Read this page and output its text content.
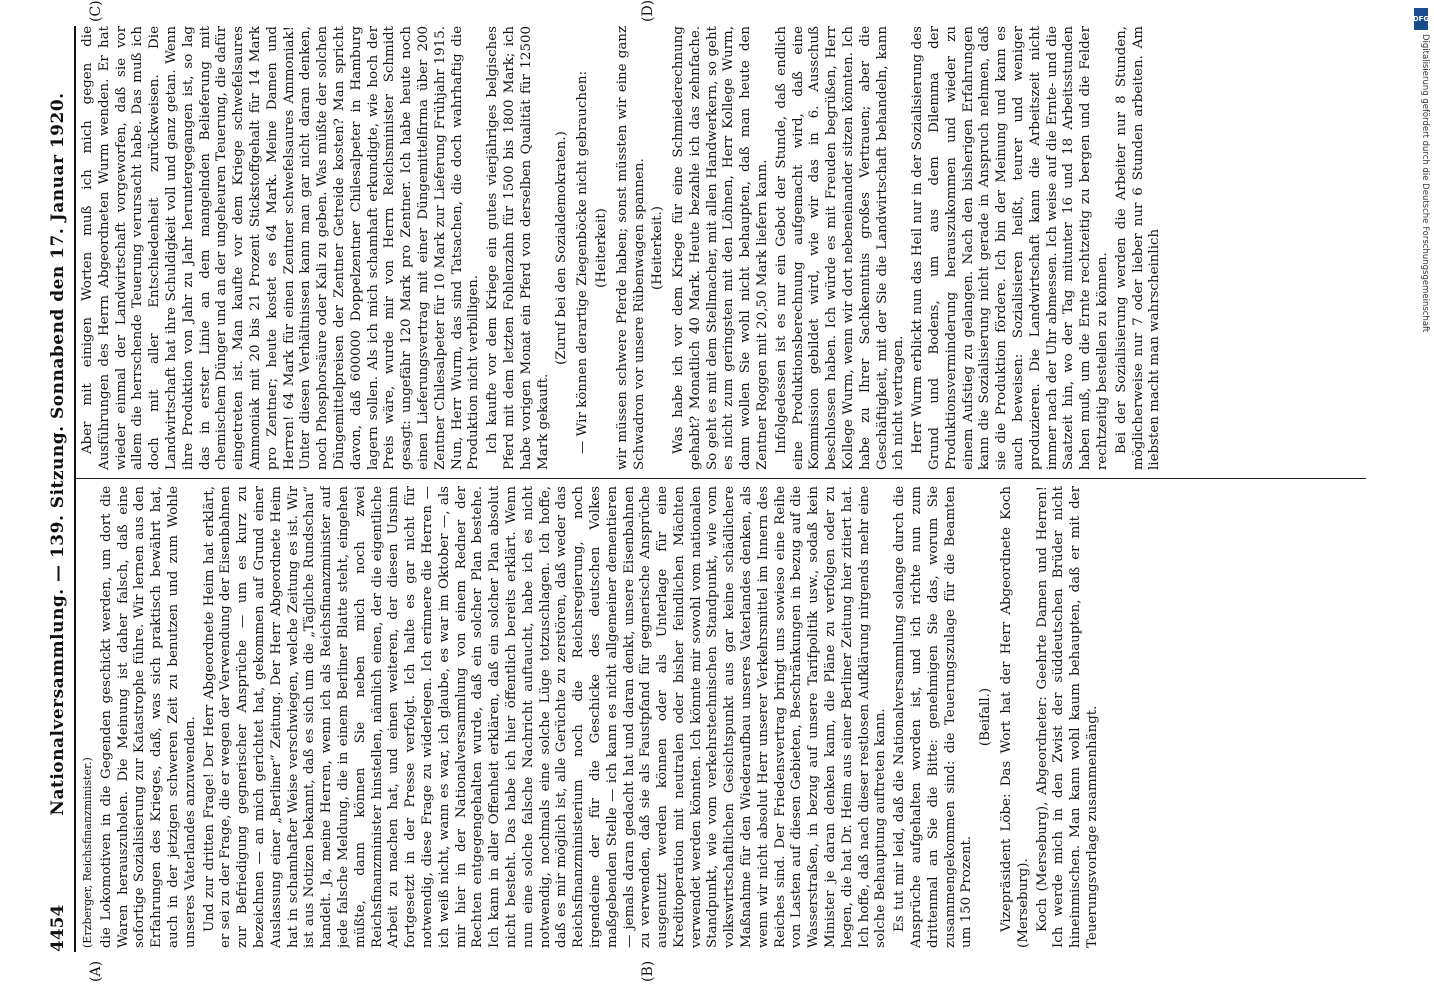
4454
Nationalversammlung. — 139. Sitzung. Sonnabend den 17. Januar 1920.
(A)	(B)
(C)	(D)

(Erzberger, Reichsfinanzminister.) die Lokomotiven in die Gegenden geschickt werden, um dort die Waren herauszuholen. Die Meinung ist daher falsch, daß eine sofortige Sozialisierung zur Katastrophe führe. Wir lernen aus den Erfahrungen des Krieges, daß, was sich praktisch bewährt hat, auch in der jetzigen schweren Zeit zu benutzen und zum Wohle unseres Vaterlandes anzuwenden. Und zur dritten Frage! Der Herr Abgeordnete Heim hat erklärt, er sei zu der Frage, die er wegen der Verwendung der Eisenbahnen zur Befriedigung gegnerischer Ansprüche — um es kurz zu bezeichnen — an mich gerichtet hat, gekommen auf Grund einer Auslassung einer „Berliner“ Zeitung. Der Herr Abgeordnete Heim hat in schamhafter Weise verschwiegen, welche Zeitung es ist. Wir ist aus Notizen bekannt, daß es sich um die „Tägliche Rundschau“ handelt. Ja, meine Herren, wenn ich als Reichsfinanzminister auf jede falsche Meldung, die in einem Berliner Blatte steht, eingehen müßte, dann können Sie neben mich noch zwei Reichsfinanzminister hinstellen, nämlich einen, der die eigentliche Arbeit zu machen hat, und einen weiteren, der diesen Unsinn fortgesetzt in der Presse verfolgt. Ich halte es gar nicht für notwendig, diese Frage zu widerlegen. Ich erinnere die Herren — ich weiß nicht, wann es war, ich glaube, es war im Oktober —, als mir hier in der Nationalversammlung von einem Redner der Rechten entgegengehalten wurde, daß ein solcher Plan bestehe. Ich kann in aller Offenheit erklären, daß ein solcher Plan absolut nicht besteht. Das habe ich hier öffentlich bereits erklärt. Wenn nun eine solche falsche Nachricht auftaucht, habe ich es nicht notwendig, nochmals eine solche Lüge totzuschlagen. Ich hoffe, daß es mir möglich ist, alle Gerüchte zu zerstören, daß weder das Reichsfinanzministerium noch die Reichsregierung, noch irgendeine der für die Geschicke des deutschen Volkes maßgebenden Stelle — ich kann es nicht allgemeiner dementieren — jemals daran gedacht hat und daran denkt, unsere Eisenbahnen zu verwenden, daß sie als Faustpfand für gegnerische Ansprüche ausgenutzt werden können oder als Unterlage für eine Kreditoperation mit neutralen oder bisher feindlichen Mächten verwendet werden könnten. Ich könnte mir sowohl vom nationalen Standpunkt, wie vom verkehrstechnischen Standpunkt, wie vom volkswirtschaftlichen Gesichtspunkt aus gar keine schädlichere Maßnahme für den Wiederaufbau unseres Vaterlandes denken, als wenn wir nicht absolut Herr unserer Verkehrsmittel im Innern des Reiches sind. Der Friedensvertrag bringt uns sowieso eine Reihe von Lasten auf diesen Gebieten, Beschränkungen in bezug auf die Wasserstraßen, in bezug auf unsere Tarifpolitik usw., sodaß kein Minister je daran denken kann, die Pläne zu verfolgen oder zu hegen, die hat Dr. Heim aus einer Berliner Zeitung hier zitiert hat. Ich hoffe, daß nach dieser restlosen Aufklärung nirgends mehr eine solche Behauptung auftreten kann. Es tut mir leid, daß die Nationalversammlung solange durch die Ansprüche aufgehalten worden ist, und ich richte nun zum drittenmal an Sie die Bitte: genehmigen Sie das, worum Sie zusammengekommen sind: die Teuerungszulage für die Beamten um 150 Prozent.

(Beifall.) Vizepräsident Löbe: Das Wort hat der Herr Abgeordnete Koch (Merseburg). Koch (Merseburg), Abgeordneter: Geehrte Damen und Herren! Ich werde mich in den Zwist der süddeutschen Brüder nicht hineinmischen. Man kann wohl kaum behaupten, daß er mit der Teuerungsvorlage zusammenhängt.

Aber mit einigen Worten muß ich mich gegen die Ausführungen des Herrn Abgeordneten Wurm wenden. Er hat wieder einmal der Landwirtschaft vorgeworfen, daß sie vor allem die herrschende Teuerung verursacht habe. Das muß ich doch mit aller Entschiedenheit zurückweisen. Die Landwirtschaft hat ihre Schuldigkeit voll und ganz getan. Wenn ihre Produktion von Jahr zu Jahr heruntergegangen ist, so lag das in erster Linie an dem mangelnden Belieferung mit chemischem Dünger und an der ungeheuren Teuerung, die dafür eingetreten ist. Man kaufte vor dem Kriege schwefelsaures Ammoniak mit 20 bis 21 Prozent Stickstoffgehalt für 14 Mark pro Zentner; heute kostet es 64 Mark. Meine Damen und Herren! 64 Mark für einen Zentner schwefelsaures Ammoniak! Unter diesen Verhältnissen kann man gar nicht daran denken, noch Phosphorsäure oder Kali zu geben. Was müßte der solchen Düngemittelpreisen der Zentner Getreide kosten? Man spricht davon, daß 600000 Doppelzentner Chilesalpeter in Hamburg lagern sollen. Als ich mich schamhaft erkundigte, wie hoch der Preis wäre, wurde mir von Herrn Reichsminister Schmidt gesagt: ungefähr 120 Mark pro Zentner. Ich habe heute noch einen Lieferungsvertrag mit einer Düngemittelfirma über 200 Zentner Chilesalpeter für 10 Mark zur Lieferung Frühjahr 1915. Nun, Herr Wurm, das sind Tatsachen, die doch wahrhaftig die Produktion nicht verbilligen. Ich kaufte vor dem Kriege ein gutes vierjähriges belgisches Pferd mit dem letzten Fohlenzahn für 1500 bis 1800 Mark; ich habe vorigen Monat ein Pferd von derselben Qualität für 12500 Mark gekauft.

(Zuruf bei den Sozialdemokraten.) — Wir können derartige Ziegenböcke nicht gebrauchen: (Heiterkeit) wir müssen schwere Pferde haben; sonst müssten wir eine ganz Schwadron vor unsere Rübenwagen spannen. (Heiterkeit.) Was habe ich vor dem Kriege für eine Schmiederechnung gehabt? Monatlich 40 Mark. Heute bezahle ich das zehnfache. So geht es mit dem Stellmacher, mit allen Handwerkern, so geht es nicht zum geringsten mit den Löhnen, Herr Kollege Wurm, dann wollen Sie wohl nicht behaupten, daß man heute den Zentner Roggen mit 20,50 Mark liefern kann. Infolgedessen ist es nur ein Gebot der Stunde, daß endlich eine Produktionsberechnung aufgemacht wird, daß eine Kommission gebildet wird, wie wir das in 6. Ausschuß beschlossen haben. Ich würde es mit Freuden begrüßen, Herr Kollege Wurm, wenn wir dort nebeneinander sitzen könnten. Ich habe zu Ihrer Sachkenntnis großes Vertrauen; aber die Geschäftigkeit, mit der Sie die Landwirtschaft behandeln, kann ich nicht vertragen. Herr Wurm erblickt nun das Heil nur in der Sozialisierung des Grund und Bodens, um aus dem Dilemma der Produktionsverminderung herauszukommen und wieder zu einem Aufstieg zu gelangen. Nach den bisherigen Erfahrungen kann die Sozialisierung nicht gerade in Anspruch nehmen, daß sie die Produktion fördere. Ich bin der Meinung und kann es auch beweisen: Sozialisieren heißt, teurer und weniger produzieren. Die Landwirtschaft kann die Arbeitszeit nicht immer nach der Uhr abmessen. Ich weise auf die Ernte- und die Saatzeit hin, wo der Tag mitunter 16 und 18 Arbeitsstunden haben muß, um die Ernte rechtzeitig zu bergen und die Felder rechtzeitig bestellen zu können. Bei der Sozialisierung werden die Arbeiter nur 8 Stunden, möglicherweise nur 7 oder lieber nur 6 Stunden arbeiten. Am liebsten macht man wahrscheinlich

DFG
Digitalisierung gefördert durch die Deutsche Forschungsgemeinschaft
